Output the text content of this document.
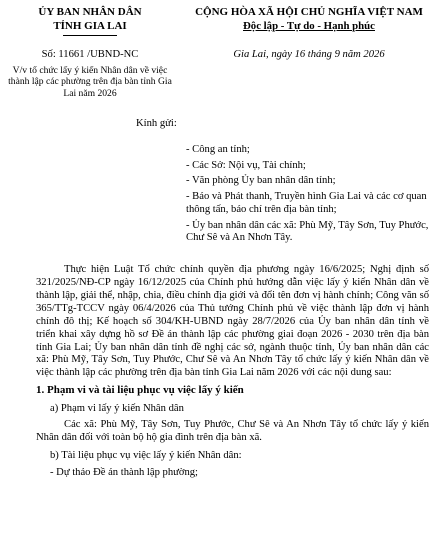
ỦY BAN NHÂN DÂN
TỈNH GIA LAI
CỘNG HÒA XÃ HỘI CHỦ NGHĨA VIỆT NAM
Độc lập - Tự do - Hạnh phúc
Số: 11661 /UBND-NC
V/v tổ chức lấy ý kiến Nhân dân về việc thành lập các phường trên địa bàn tỉnh Gia Lai năm 2026
Gia Lai, ngày 16 tháng 9 năm 2026
Kính gửi:
- Công an tỉnh;
- Các Sở: Nội vụ, Tài chính;
- Văn phòng Ủy ban nhân dân tỉnh;
- Báo và Phát thanh, Truyền hình Gia Lai và các cơ quan thông tấn, báo chí trên địa bàn tỉnh;
- Ủy ban nhân dân các xã: Phù Mỹ, Tây Sơn, Tuy Phước, Chư Sê và An Nhơn Tây.

Thực hiện Luật Tổ chức chính quyền địa phương ngày 16/6/2025; Nghị định số 321/2025/NĐ-CP ngày 16/12/2025 của Chính phủ hướng dẫn việc lấy ý kiến Nhân dân về thành lập, giải thể, nhập, chia, điều chỉnh địa giới và đổi tên đơn vị hành chính; Công văn số 365/TTg-TCCV ngày 06/4/2026 của Thủ tướng Chính phủ về việc thành lập đơn vị hành chính đô thị; Kế hoạch số 304/KH-UBND ngày 28/7/2026 của Ủy ban nhân dân tỉnh về triển khai xây dựng hồ sơ Đề án thành lập các phường giai đoạn 2026 - 2030 trên địa bàn tỉnh Gia Lai; Ủy ban nhân dân tỉnh đề nghị các sở, ngành thuộc tỉnh, Ủy ban nhân dân các xã: Phù Mỹ, Tây Sơn, Tuy Phước, Chư Sê và An Nhơn Tây tổ chức lấy ý kiến Nhân dân về việc thành lập các phường trên địa bàn tỉnh Gia Lai năm 2026 với các nội dung sau:

1. Phạm vi và tài liệu phục vụ việc lấy ý kiến

a) Phạm vi lấy ý kiến Nhân dân

Các xã: Phù Mỹ, Tây Sơn, Tuy Phước, Chư Sê và An Nhơn Tây tổ chức lấy ý kiến Nhân dân đối với toàn bộ hộ gia đình trên địa bàn xã.

b) Tài liệu phục vụ việc lấy ý kiến Nhân dân:

- Dự thảo Đề án thành lập phường;
